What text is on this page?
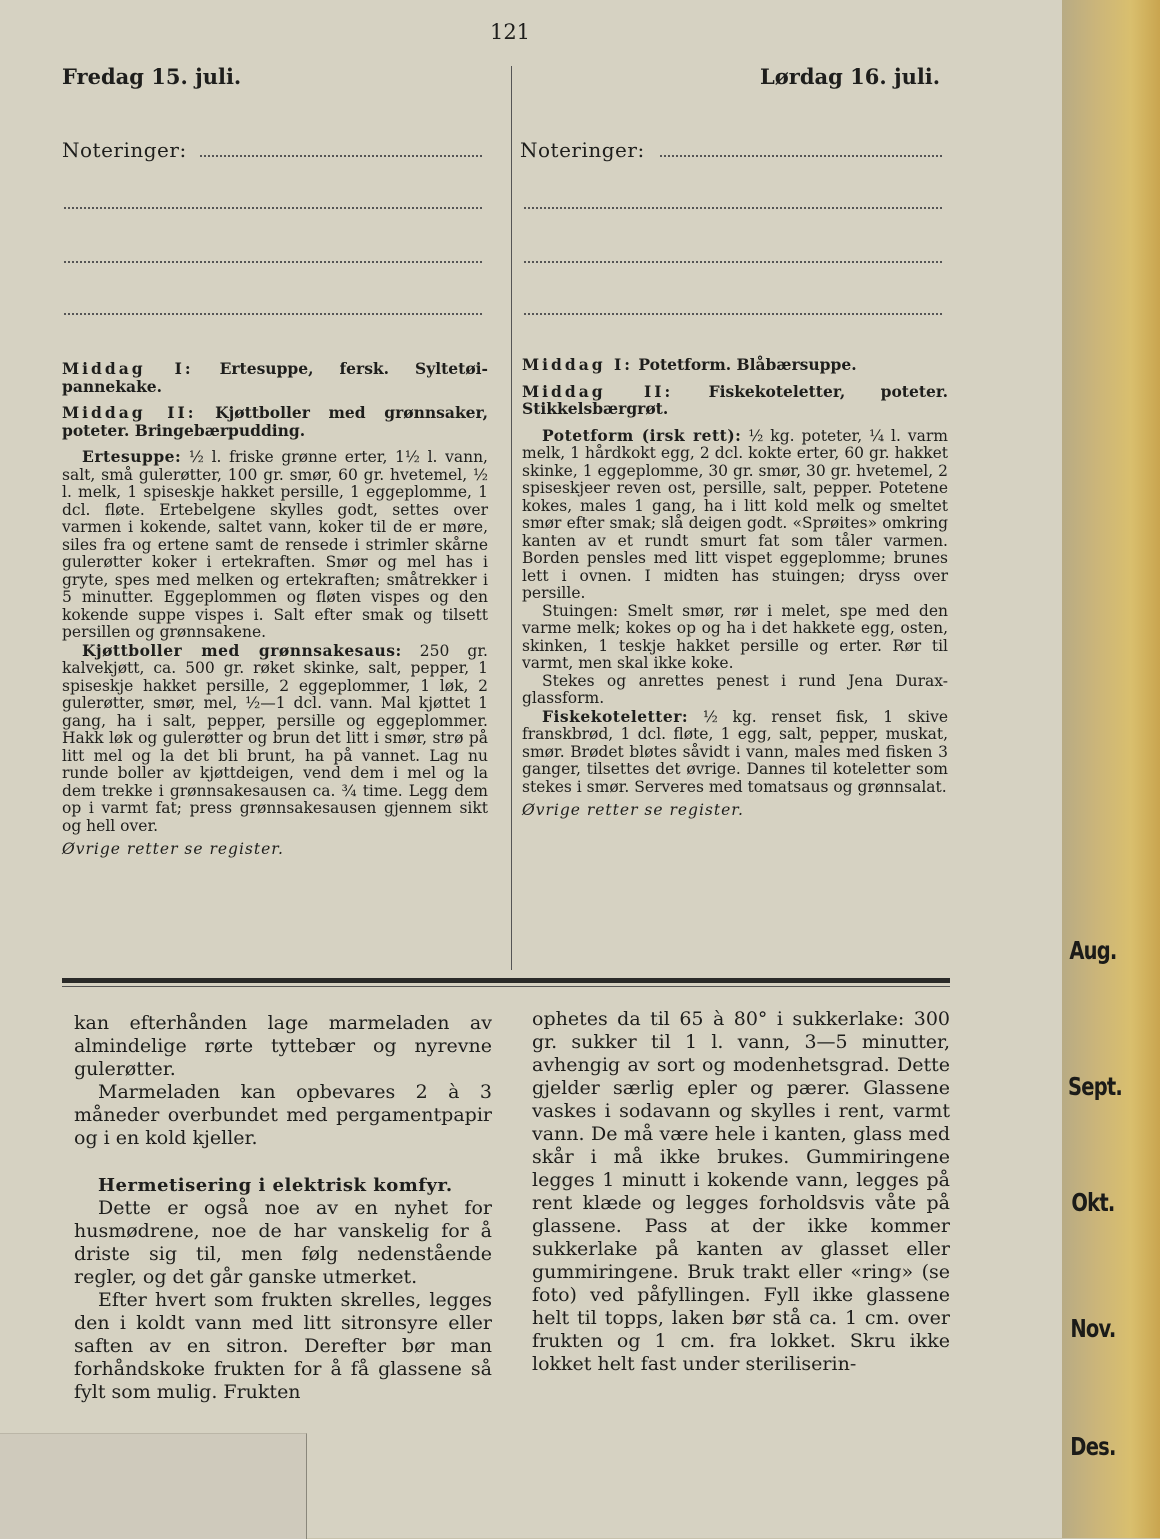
Aug.
Sept.
Okt.
Nov.
Des.
121
Fredag 15. juli.
Noteringer:

Middag I: Ertesuppe, fersk. Syltetøi-pannekake.

Middag II: Kjøttboller med grønnsaker, poteter. Bringebærpudding.

Ertesuppe: ½ l. friske grønne erter, 1½ l. vann, salt, små gulerøtter, 100 gr. smør, 60 gr. hvetemel, ½ l. melk, 1 spiseskje hakket persille, 1 eggeplomme, 1 dcl. fløte. Ertebelgene skylles godt, settes over varmen i kokende, saltet vann, koker til de er møre, siles fra og ertene samt de rensede i strimler skårne gulerøtter koker i ertekraften. Smør og mel has i gryte, spes med melken og ertekraften; småtrekker i 5 minutter. Eggeplommen og fløten vispes og den kokende suppe vispes i. Salt efter smak og tilsett persillen og grønnsakene.

Kjøttboller med grønnsakesaus: 250 gr. kalvekjøtt, ca. 500 gr. røket skinke, salt, pepper, 1 spiseskje hakket persille, 2 eggeplommer, 1 løk, 2 gulerøtter, smør, mel, ½—1 dcl. vann. Mal kjøttet 1 gang, ha i salt, pepper, persille og eggeplommer. Hakk løk og gulerøtter og brun det litt i smør, strø på litt mel og la det bli brunt, ha på vannet. Lag nu runde boller av kjøttdeigen, vend dem i mel og la dem trekke i grønnsakesausen ca. ¾ time. Legg dem op i varmt fat; press grønnsakesausen gjennem sikt og hell over.

Øvrige retter se register.

Lørdag 16. juli.
Noteringer:

Middag I: Potetform. Blåbærsuppe.

Middag II: Fiskekoteletter, poteter. Stikkelsbærgrøt.

Potetform (irsk rett): ½ kg. poteter, ¼ l. varm melk, 1 hårdkokt egg, 2 dcl. kokte erter, 60 gr. hakket skinke, 1 eggeplomme, 30 gr. smør, 30 gr. hvetemel, 2 spiseskjeer reven ost, persille, salt, pepper. Potetene kokes, males 1 gang, ha i litt kold melk og smeltet smør efter smak; slå deigen godt. «Sprøites» omkring kanten av et rundt smurt fat som tåler varmen. Borden pensles med litt vispet eggeplomme; brunes lett i ovnen. I midten has stuingen; dryss over persille.

Stuingen: Smelt smør, rør i melet, spe med den varme melk; kokes op og ha i det hakkete egg, osten, skinken, 1 teskje hakket persille og erter. Rør til varmt, men skal ikke koke.

Stekes og anrettes penest i rund Jena Durax-glassform.

Fiskekoteletter: ½ kg. renset fisk, 1 skive franskbrød, 1 dcl. fløte, 1 egg, salt, pepper, muskat, smør. Brødet bløtes såvidt i vann, males med fisken 3 ganger, tilsettes det øvrige. Dannes til koteletter som stekes i smør. Serveres med tomatsaus og grønnsalat.

Øvrige retter se register.

kan efterhånden lage marmeladen av almindelige rørte tyttebær og nyrevne gulerøtter.

Marmeladen kan opbevares 2 à 3 måneder overbundet med pergamentpapir og i en kold kjeller.

Hermetisering i elektrisk komfyr.

Dette er også noe av en nyhet for husmødrene, noe de har vanskelig for å driste sig til, men følg nedenstående regler, og det går ganske utmerket.

Efter hvert som frukten skrelles, legges den i koldt vann med litt sitronsyre eller saften av en sitron. Derefter bør man forhåndskoke frukten for å få glassene så fylt som mulig. Frukten

ophetes da til 65 à 80° i sukkerlake: 300 gr. sukker til 1 l. vann, 3—5 minutter, avhengig av sort og modenhetsgrad. Dette gjelder særlig epler og pærer. Glassene vaskes i sodavann og skylles i rent, varmt vann. De må være hele i kanten, glass med skår i må ikke brukes. Gummiringene legges 1 minutt i kokende vann, legges på rent klæde og legges forholdsvis våte på glassene. Pass at der ikke kommer sukkerlake på kanten av glasset eller gummiringene. Bruk trakt eller «ring» (se foto) ved påfyllingen. Fyll ikke glassene helt til topps, laken bør stå ca. 1 cm. over frukten og 1 cm. fra lokket. Skru ikke lokket helt fast under steriliserin-
